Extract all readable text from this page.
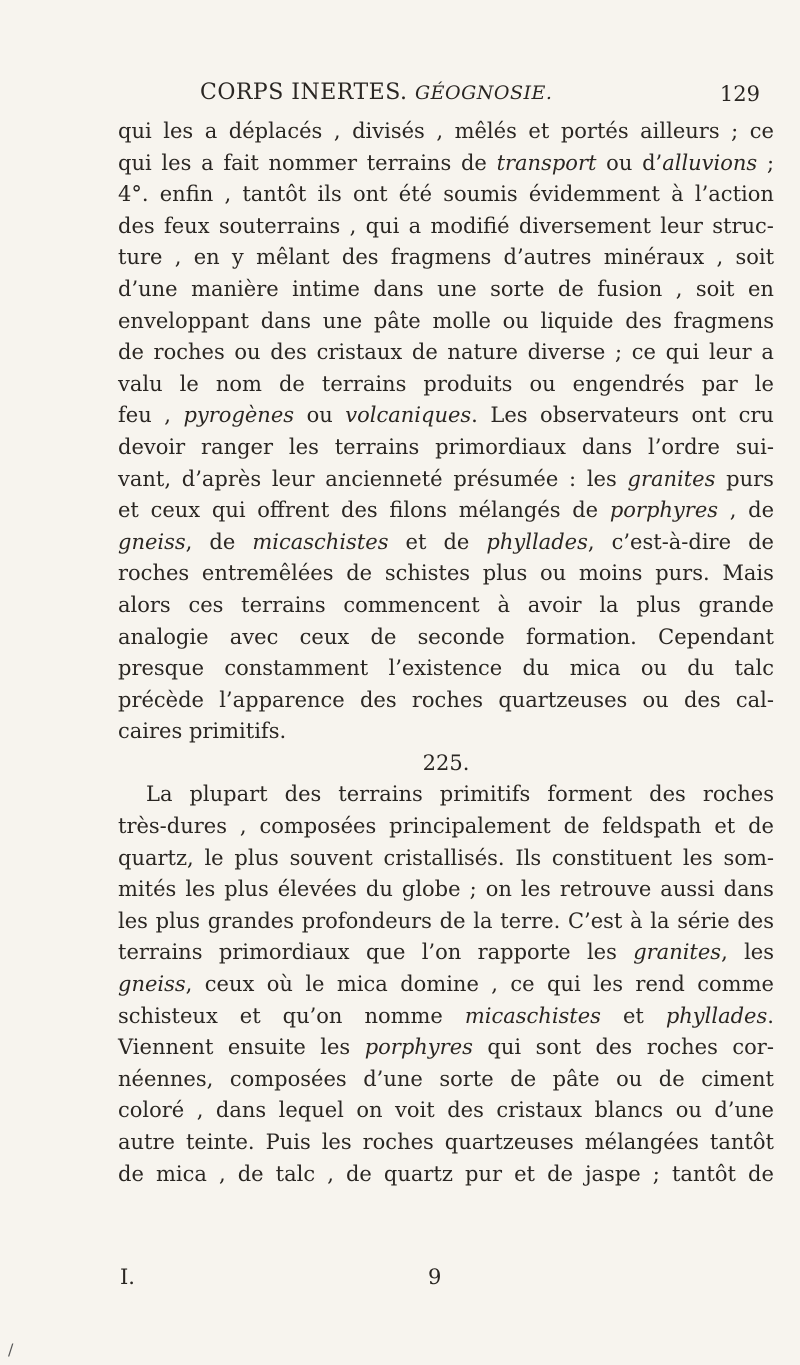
CORPS INERTES. GÉOGNOSIE.	129
qui les a déplacés , divisés , mêlés et portés ailleurs ; ce
qui les a fait nommer terrains de transport ou d’alluvions ;
4°. enfin , tantôt ils ont été soumis évidemment à l’action
des feux souterrains , qui a modifié diversement leur struc-
ture , en y mêlant des fragmens d’autres minéraux , soit
d’une manière intime dans une sorte de fusion , soit en
enveloppant dans une pâte molle ou liquide des fragmens
de roches ou des cristaux de nature diverse ; ce qui leur a
valu le nom de terrains produits ou engendrés par le
feu , pyrogènes ou volcaniques. Les observateurs ont cru
devoir ranger les terrains primordiaux dans l’ordre sui-
vant, d’après leur ancienneté présumée : les granites purs
et ceux qui offrent des filons mélangés de porphyres , de
gneiss, de micaschistes et de phyllades, c’est-à-dire de
roches entremêlées de schistes plus ou moins purs. Mais
alors ces terrains commencent à avoir la plus grande
analogie avec ceux de seconde formation. Cependant
presque constamment l’existence du mica ou du talc
précède l’apparence des roches quartzeuses ou des cal-
caires primitifs.
225.
La plupart des terrains primitifs forment des roches
très-dures , composées principalement de feldspath et de
quartz, le plus souvent cristallisés. Ils constituent les som-
mités les plus élevées du globe ; on les retrouve aussi dans
les plus grandes profondeurs de la terre. C’est à la série des
terrains primordiaux que l’on rapporte les granites, les
gneiss, ceux où le mica domine , ce qui les rend comme
schisteux et qu’on nomme micaschistes et phyllades.
Viennent ensuite les porphyres qui sont des roches cor-
néennes, composées d’une sorte de pâte ou de ciment
coloré , dans lequel on voit des cristaux blancs ou d’une
autre teinte. Puis les roches quartzeuses mélangées tantôt
de mica , de talc , de quartz pur et de jaspe ; tantôt de
I.	9
/
